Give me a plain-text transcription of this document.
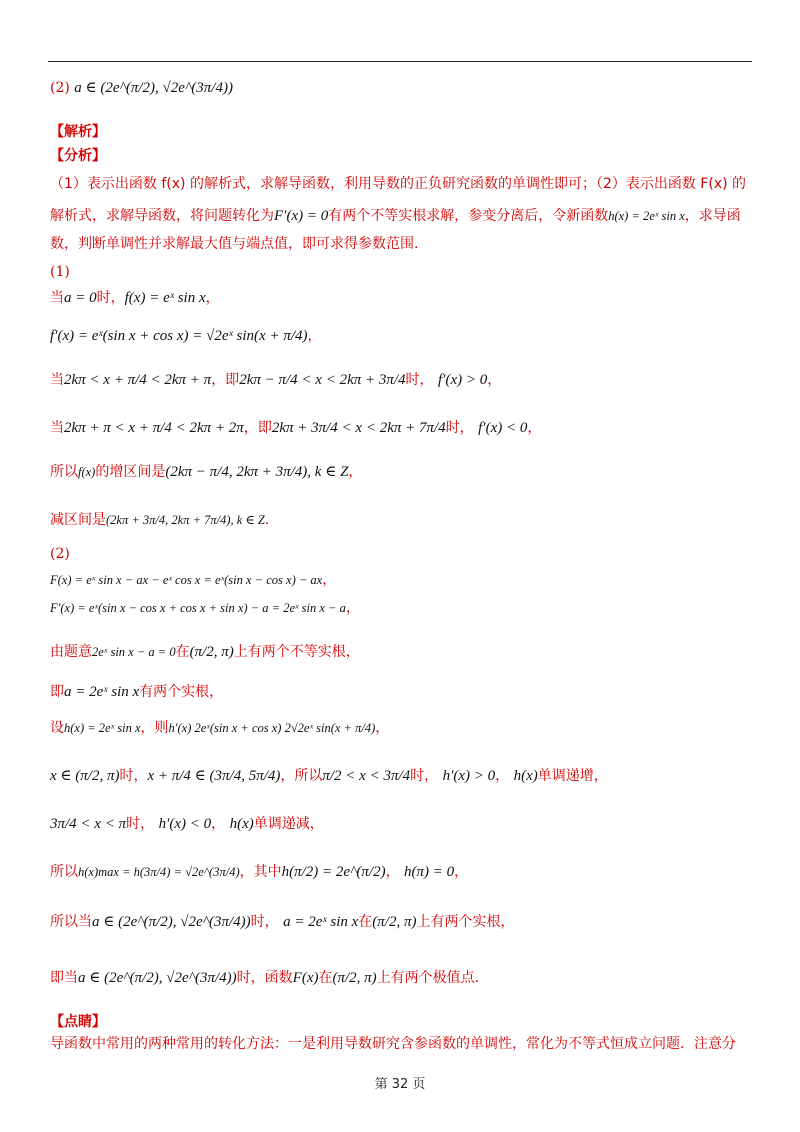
(2) a ∈ (2e^(π/2), √2e^(3π/4))
【解析】
【分析】
（1）表示出函数 f(x) 的解析式，求解导函数，利用导数的正负研究函数的单调性即可；（2）表示出函数 F(x) 的
解析式，求解导函数，将问题转化为F′(x) = 0有两个不等实根求解，参变分离后，令新函数h(x) = 2eˣ sin x，求导函
数，判断单调性并求解最大值与端点值，即可求得参数范围.
(1)
当a = 0时，f(x) = eˣ sin x，
f′(x) = eˣ(sin x + cos x) = √2eˣ sin(x + π/4)，
当2kπ < x + π/4 < 2kπ + π，即2kπ − π/4 < x < 2kπ + 3π/4时， f′(x) > 0，
当2kπ + π < x + π/4 < 2kπ + 2π，即2kπ + 3π/4 < x < 2kπ + 7π/4时， f′(x) < 0，
所以f(x)的增区间是(2kπ − π/4, 2kπ + 3π/4), k ∈ Z，
减区间是(2kπ + 3π/4, 2kπ + 7π/4), k ∈ Z.
(2)
F(x) = eˣ sin x − ax − eˣ cos x = eˣ(sin x − cos x) − ax，
F′(x) = eˣ(sin x − cos x + cos x + sin x) − a = 2eˣ sin x − a，
由题意2eˣ sin x − a = 0在(π/2, π)上有两个不等实根，
即a = 2eˣ sin x有两个实根，
设h(x) = 2eˣ sin x，则h′(x) 2eˣ(sin x + cos x) 2√2eˣ sin(x + π/4)，
x ∈ (π/2, π)时，x + π/4 ∈ (3π/4, 5π/4)，所以π/2 < x < 3π/4时， h′(x) > 0， h(x)单调递增，
3π/4 < x < π时， h′(x) < 0， h(x)单调递减，
所以h(x)max = h(3π/4) = √2e^(3π/4)，其中h(π/2) = 2e^(π/2)， h(π) = 0，
所以当a ∈ (2e^(π/2), √2e^(3π/4))时， a = 2eˣ sin x在(π/2, π)上有两个实根，
即当a ∈ (2e^(π/2), √2e^(3π/4))时，函数F(x)在(π/2, π)上有两个极值点.
【点睛】
导函数中常用的两种常用的转化方法：一是利用导数研究含参函数的单调性，常化为不等式恒成立问题．注意分
第 32 页
